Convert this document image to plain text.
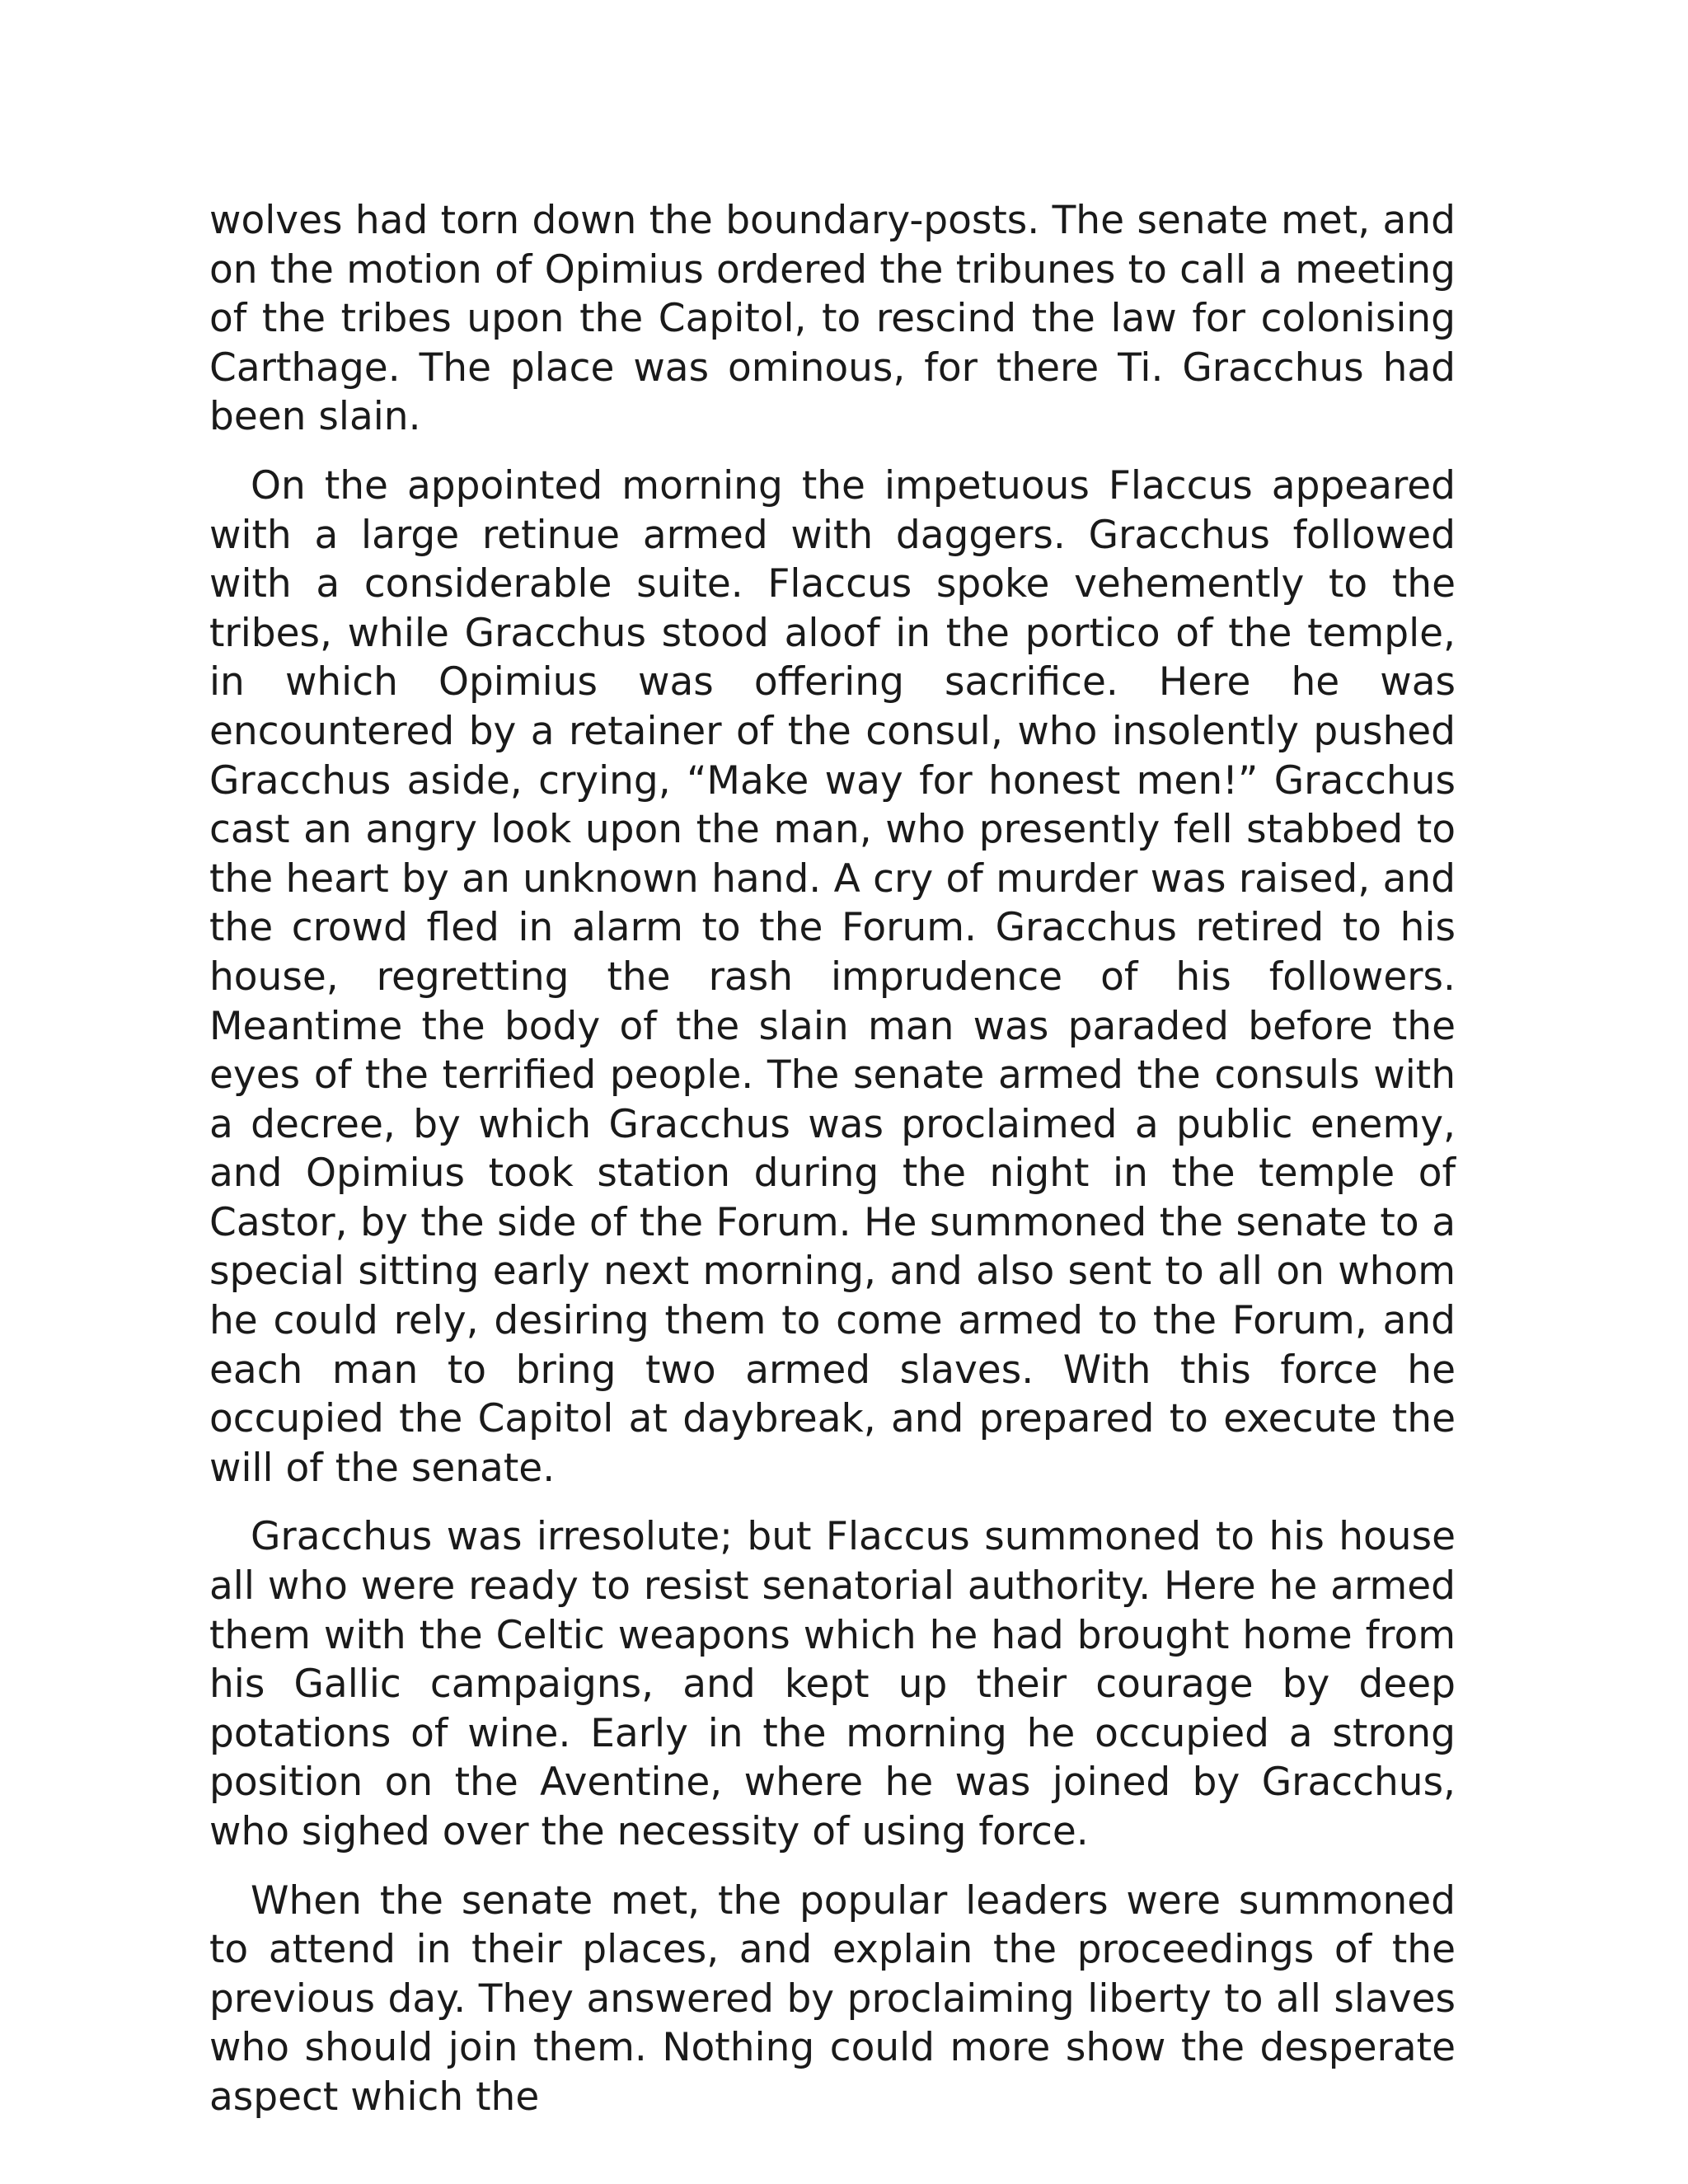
wolves had torn down the boundary-posts. The senate met, and on the motion of Opimius ordered the tribunes to call a meeting of the tribes upon the Capitol, to rescind the law for colonising Carthage. The place was ominous, for there Ti. Gracchus had been slain.

On the appointed morning the impetuous Flaccus appeared with a large retinue armed with daggers. Gracchus followed with a considerable suite. Flaccus spoke vehemently to the tribes, while Gracchus stood aloof in the portico of the temple, in which Opimius was offering sacrifice. Here he was encountered by a retainer of the consul, who insolently pushed Gracchus aside, crying, “Make way for honest men!” Gracchus cast an angry look upon the man, who presently fell stabbed to the heart by an unknown hand. A cry of murder was raised, and the crowd fled in alarm to the Forum. Gracchus retired to his house, regretting the rash imprudence of his followers. Meantime the body of the slain man was paraded before the eyes of the terrified people. The senate armed the consuls with a decree, by which Gracchus was proclaimed a public enemy, and Opimius took station during the night in the temple of Castor, by the side of the Forum. He summoned the senate to a special sitting early next morning, and also sent to all on whom he could rely, desiring them to come armed to the Forum, and each man to bring two armed slaves. With this force he occupied the Capitol at daybreak, and prepared to execute the will of the senate.

Gracchus was irresolute; but Flaccus summoned to his house all who were ready to resist senatorial authority. Here he armed them with the Celtic weapons which he had brought home from his Gallic campaigns, and kept up their courage by deep potations of wine. Early in the morning he occupied a strong position on the Aventine, where he was joined by Gracchus, who sighed over the necessity of using force.

When the senate met, the popular leaders were summoned to attend in their places, and explain the proceedings of the previous day. They answered by proclaiming liberty to all slaves who should join them. Nothing could more show the desperate aspect which the
